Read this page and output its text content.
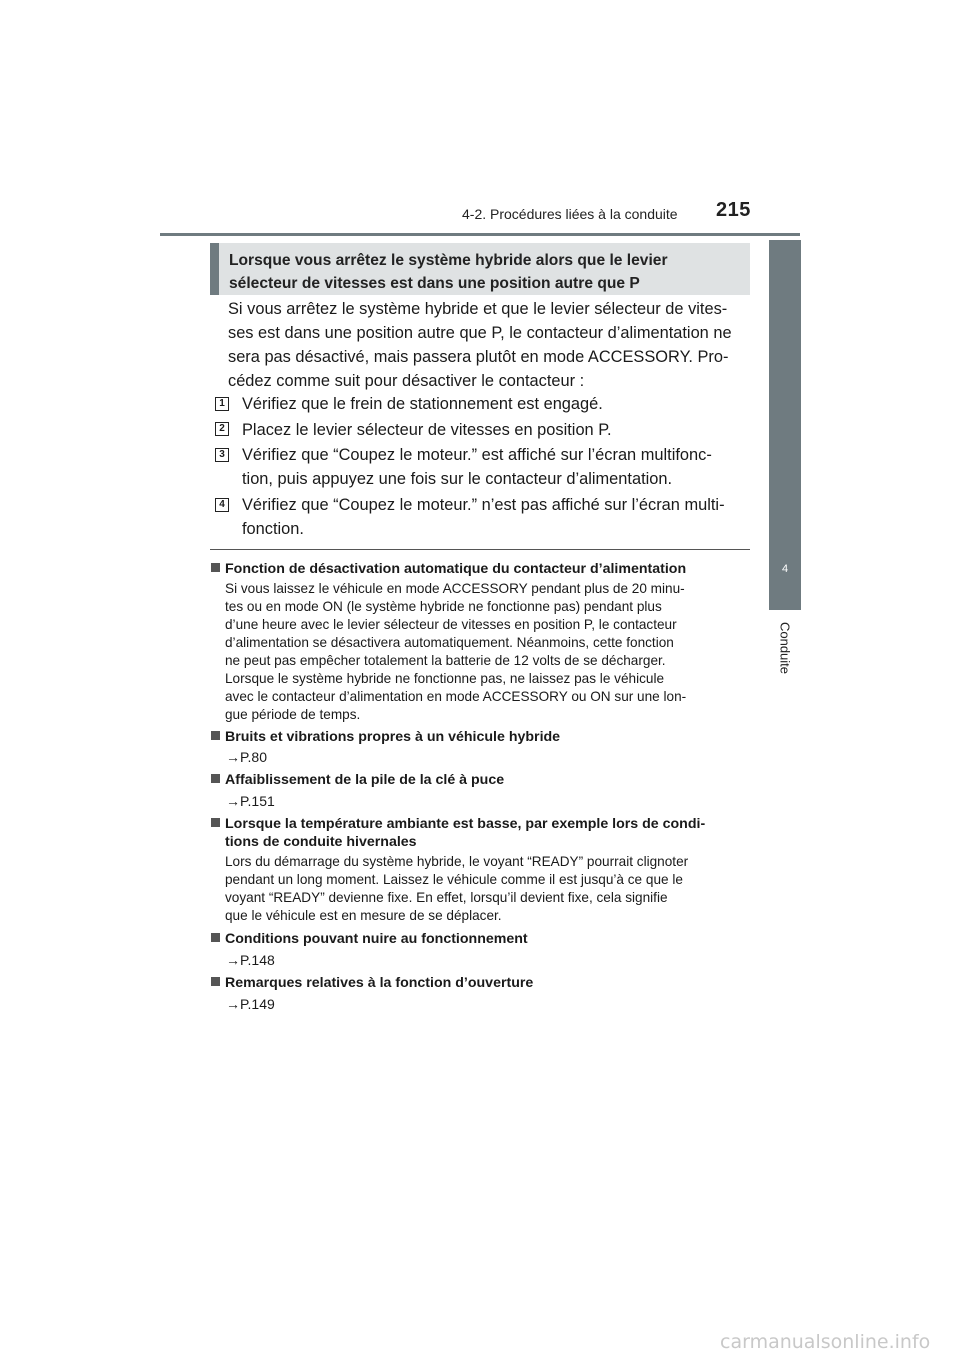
4-2. Procédures liées à la conduite 215
4
Conduite
Lorsque vous arrêtez le système hybride alors que le levier
sélecteur de vitesses est dans une position autre que P
Si vous arrêtez le système hybride et que le levier sélecteur de vites-
ses est dans une position autre que P, le contacteur d’alimentation ne
sera pas désactivé, mais passera plutôt en mode ACCESSORY. Pro-
cédez comme suit pour désactiver le contacteur :
1 Vérifiez que le frein de stationnement est engagé.
2 Placez le levier sélecteur de vitesses en position P.
3 Vérifiez que “Coupez le moteur.” est affiché sur l’écran multifonc-
tion, puis appuyez une fois sur le contacteur d’alimentation.
4 Vérifiez que “Coupez le moteur.” n’est pas affiché sur l’écran multi-
fonction.
Fonction de désactivation automatique du contacteur d’alimentation
Si vous laissez le véhicule en mode ACCESSORY pendant plus de 20 minu-
tes ou en mode ON (le système hybride ne fonctionne pas) pendant plus
d’une heure avec le levier sélecteur de vitesses en position P, le contacteur
d’alimentation se désactivera automatiquement. Néanmoins, cette fonction
ne peut pas empêcher totalement la batterie de 12 volts de se décharger.
Lorsque le système hybride ne fonctionne pas, ne laissez pas le véhicule
avec le contacteur d’alimentation en mode ACCESSORY ou ON sur une lon-
gue période de temps.
Bruits et vibrations propres à un véhicule hybride
→P.80
Affaiblissement de la pile de la clé à puce
→P.151
Lorsque la température ambiante est basse, par exemple lors de condi-
tions de conduite hivernales
Lors du démarrage du système hybride, le voyant “READY” pourrait clignoter
pendant un long moment. Laissez le véhicule comme il est jusqu’à ce que le
voyant “READY” devienne fixe. En effet, lorsqu’il devient fixe, cela signifie
que le véhicule est en mesure de se déplacer.
Conditions pouvant nuire au fonctionnement
→P.148
Remarques relatives à la fonction d’ouverture
→P.149
carmanualsonline.info
